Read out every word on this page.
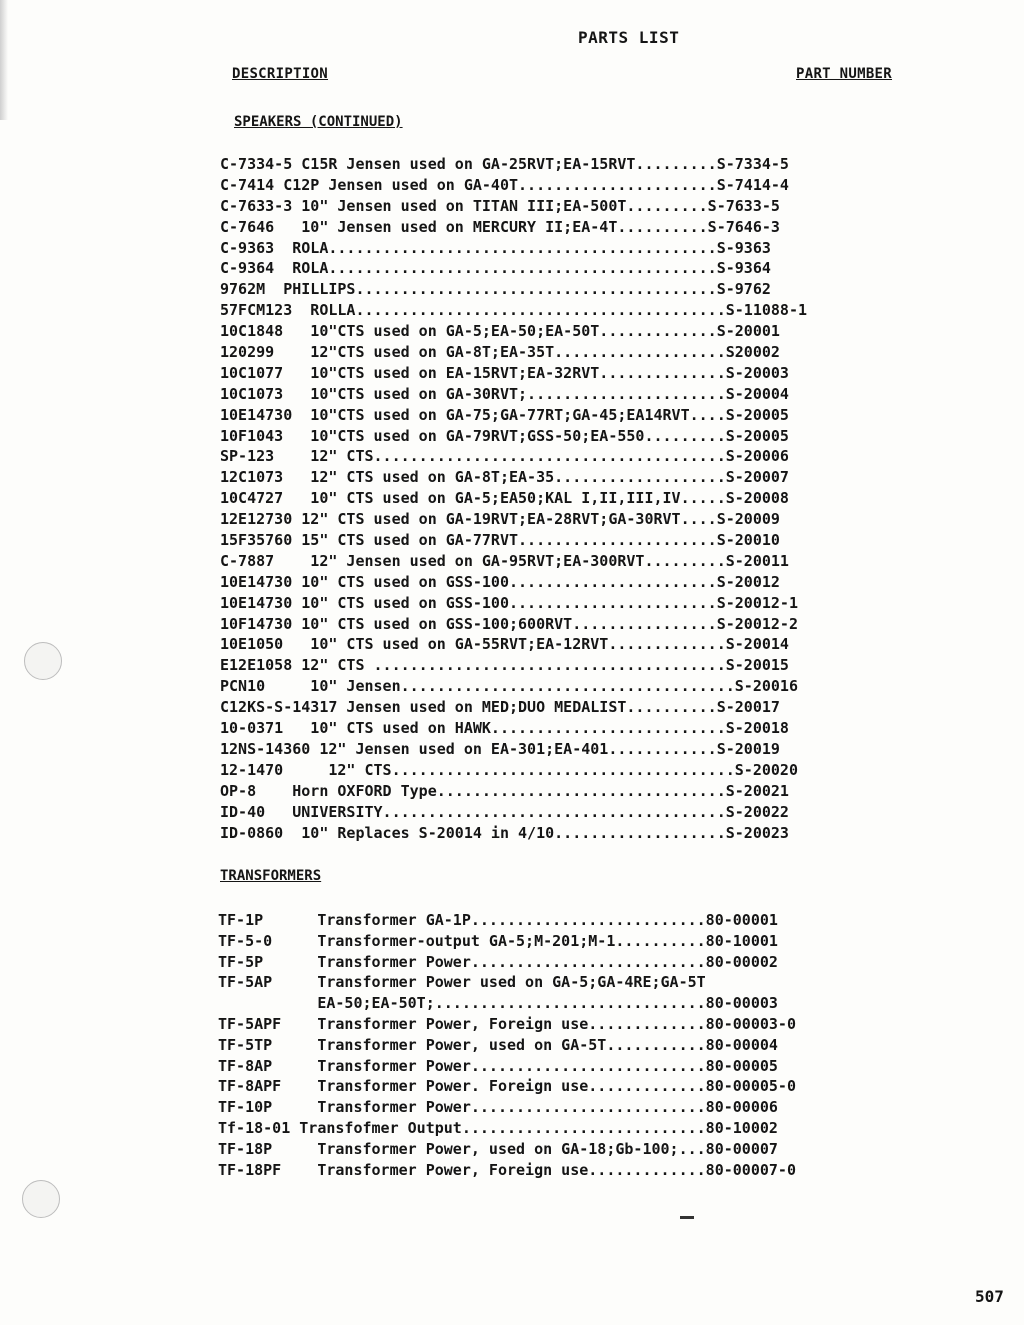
PARTS LIST
DESCRIPTION	PART NUMBER
SPEAKERS (CONTINUED)
C-7334-5 C15R Jensen used on GA-25RVT;EA-15RVT.........S-7334-5
C-7414 C12P Jensen used on GA-40T......................S-7414-4
C-7633-3 10" Jensen used on TITAN III;EA-500T.........S-7633-5
C-7646   10" Jensen used on MERCURY II;EA-4T..........S-7646-3
C-9363  ROLA...........................................S-9363
C-9364  ROLA...........................................S-9364
9762M  PHILLIPS........................................S-9762
57FCM123  ROLLA.........................................S-11088-1
10C1848   10"CTS used on GA-5;EA-50;EA-50T.............S-20001
120299    12"CTS used on GA-8T;EA-35T...................S20002
10C1077   10"CTS used on EA-15RVT;EA-32RVT..............S-20003
10C1073   10"CTS used on GA-30RVT;......................S-20004
10E14730  10"CTS used on GA-75;GA-77RT;GA-45;EA14RVT....S-20005
10F1043   10"CTS used on GA-79RVT;GSS-50;EA-550.........S-20005
SP-123    12" CTS.......................................S-20006
12C1073   12" CTS used on GA-8T;EA-35...................S-20007
10C4727   10" CTS used on GA-5;EA50;KAL I,II,III,IV.....S-20008
12E12730 12" CTS used on GA-19RVT;EA-28RVT;GA-30RVT....S-20009
15F35760 15" CTS used on GA-77RVT......................S-20010
C-7887    12" Jensen used on GA-95RVT;EA-300RVT.........S-20011
10E14730 10" CTS used on GSS-100.......................S-20012
10E14730 10" CTS used on GSS-100.......................S-20012-1
10F14730 10" CTS used on GSS-100;600RVT................S-20012-2
10E1050   10" CTS used on GA-55RVT;EA-12RVT.............S-20014
E12E1058 12" CTS .......................................S-20015
PCN10     10" Jensen.....................................S-20016
C12KS-S-14317 Jensen used on MED;DUO MEDALIST..........S-20017
10-0371   10" CTS used on HAWK..........................S-20018
12NS-14360 12" Jensen used on EA-301;EA-401............S-20019
12-1470     12" CTS......................................S-20020
OP-8    Horn OXFORD Type................................S-20021
ID-40   UNIVERSITY......................................S-20022
ID-0860  10" Replaces S-20014 in 4/10...................S-20023
TRANSFORMERS
TF-1P      Transformer GA-1P..........................80-00001
TF-5-0     Transformer-output GA-5;M-201;M-1..........80-10001
TF-5P      Transformer Power..........................80-00002
TF-5AP     Transformer Power used on GA-5;GA-4RE;GA-5T
EA-50;EA-50T;..............................80-00003
TF-5APF    Transformer Power, Foreign use.............80-00003-0
TF-5TP     Transformer Power, used on GA-5T...........80-00004
TF-8AP     Transformer Power..........................80-00005
TF-8APF    Transformer Power. Foreign use.............80-00005-0
TF-10P     Transformer Power..........................80-00006
Tf-18-01 Transfofmer Output...........................80-10002
TF-18P     Transformer Power, used on GA-18;Gb-100;...80-00007
TF-18PF    Transformer Power, Foreign use.............80-00007-0
507
